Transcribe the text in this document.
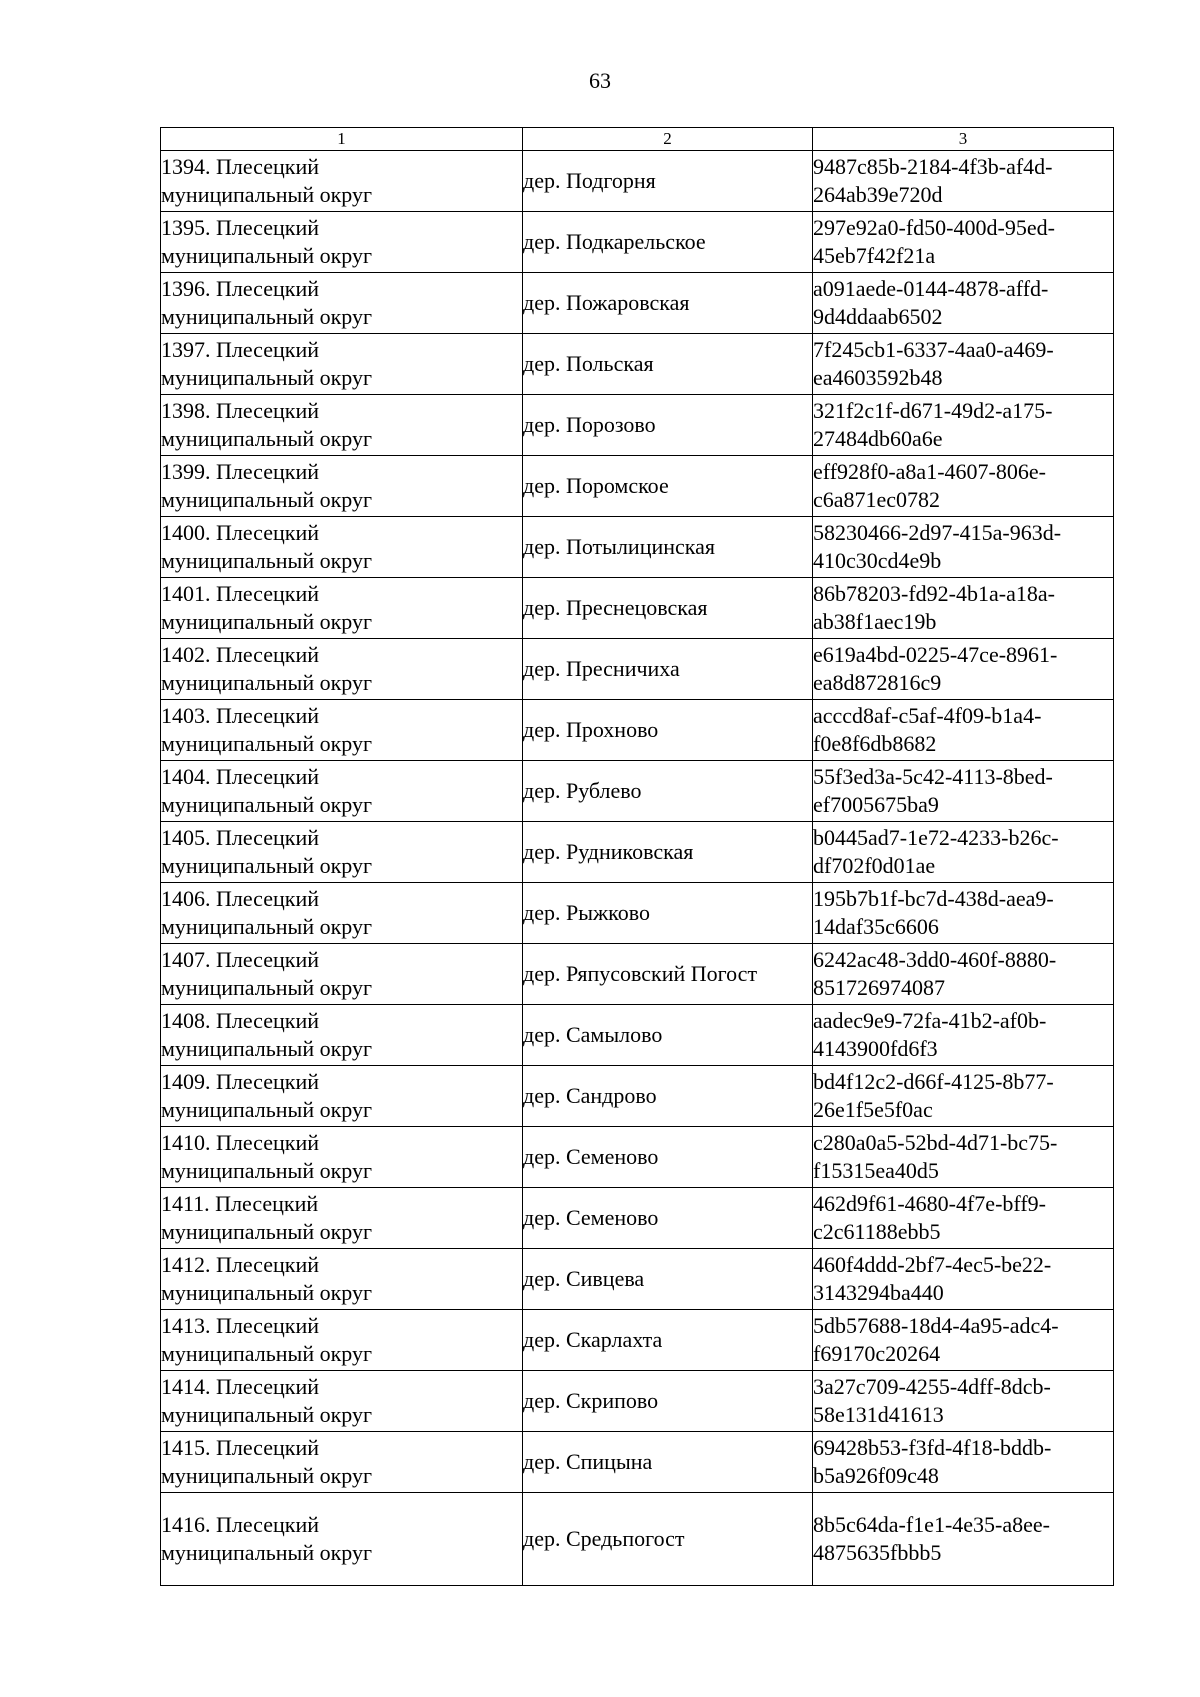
63
1	2	3

1394. Плесецкий
муниципальный округ	дер. Подгорня	9487c85b-2184-4f3b-af4d-
264ab39e720d

1395. Плесецкий
муниципальный округ	дер. Подкарельское	297e92a0-fd50-400d-95ed-
45eb7f42f21a

1396. Плесецкий
муниципальный округ	дер. Пожаровская	a091aede-0144-4878-affd-
9d4ddaab6502

1397. Плесецкий
муниципальный округ	дер. Польская	7f245cb1-6337-4aa0-a469-
ea4603592b48

1398. Плесецкий
муниципальный округ	дер. Порозово	321f2c1f-d671-49d2-a175-
27484db60a6e

1399. Плесецкий
муниципальный округ	дер. Поромское	eff928f0-a8a1-4607-806e-
c6a871ec0782

1400. Плесецкий
муниципальный округ	дер. Потылицинская	58230466-2d97-415a-963d-
410c30cd4e9b

1401. Плесецкий
муниципальный округ	дер. Преснецовская	86b78203-fd92-4b1a-a18a-
ab38f1aec19b

1402. Плесецкий
муниципальный округ	дер. Пресничиха	e619a4bd-0225-47ce-8961-
ea8d872816c9

1403. Плесецкий
муниципальный округ	дер. Прохново	acccd8af-c5af-4f09-b1a4-
f0e8f6db8682

1404. Плесецкий
муниципальный округ	дер. Рублево	55f3ed3a-5c42-4113-8bed-
ef7005675ba9

1405. Плесецкий
муниципальный округ	дер. Рудниковская	b0445ad7-1e72-4233-b26c-
df702f0d01ae

1406. Плесецкий
муниципальный округ	дер. Рыжково	195b7b1f-bc7d-438d-aea9-
14daf35c6606

1407. Плесецкий
муниципальный округ	дер. Ряпусовский Погост	6242ac48-3dd0-460f-8880-
851726974087

1408. Плесецкий
муниципальный округ	дер. Самылово	aadec9e9-72fa-41b2-af0b-
4143900fd6f3

1409. Плесецкий
муниципальный округ	дер. Сандрово	bd4f12c2-d66f-4125-8b77-
26e1f5e5f0ac

1410. Плесецкий
муниципальный округ	дер. Семеново	c280a0a5-52bd-4d71-bc75-
f15315ea40d5

1411. Плесецкий
муниципальный округ	дер. Семеново	462d9f61-4680-4f7e-bff9-
c2c61188ebb5

1412. Плесецкий
муниципальный округ	дер. Сивцева	460f4ddd-2bf7-4ec5-be22-
3143294ba440

1413. Плесецкий
муниципальный округ	дер. Скарлахта	5db57688-18d4-4a95-adc4-
f69170c20264

1414. Плесецкий
муниципальный округ	дер. Скрипово	3a27c709-4255-4dff-8dcb-
58e131d41613

1415. Плесецкий
муниципальный округ	дер. Спицына	69428b53-f3fd-4f18-bddb-
b5a926f09c48

1416. Плесецкий
муниципальный округ	дер. Средьпогост	8b5c64da-f1e1-4e35-a8ee-
4875635fbbb5
